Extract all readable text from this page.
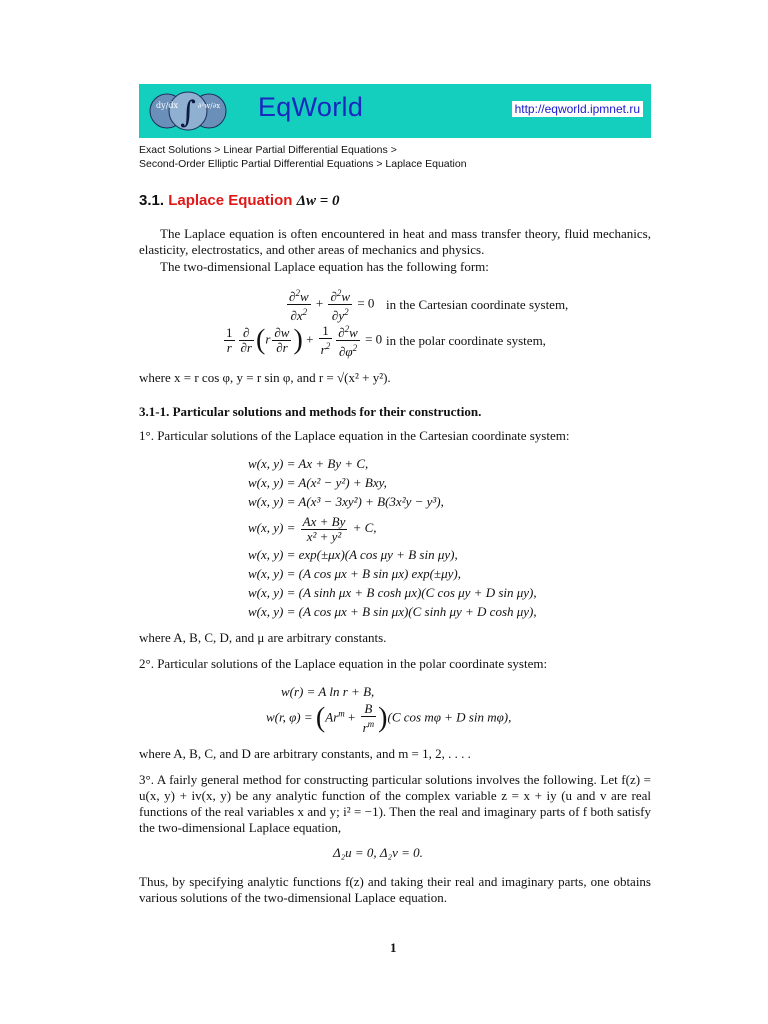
∫
dy/dx	∂²w/∂x EqWorld	http://eqworld.ipmnet.ru
Exact Solutions > Linear Partial Differential Equations >
Second-Order Elliptic Partial Differential Equations > Laplace Equation
3.1. Laplace Equation Δw = 0
The Laplace equation is often encountered in heat and mass transfer theory, fluid mechanics, elasticity, electrostatics, and other areas of mechanics and physics.
The two-dimensional Laplace equation has the following form:
$\frac{\partial^2w}{\partial x^2} + \frac{\partial^2w}{\partial y^2} = 0$ in the Cartesian coordinate system,
$\frac{1}{r} \frac{\partial}{\partial r} (r \frac{\partial w}{\partial r}$ ) + $\frac{1}{r^2} \frac{\partial^2w}{\partial\varphi^2} = 0$ in the polar coordinate system,
where x = r cos φ, y = r sin φ, and r = √(x² + y²).
3.1-1. Particular solutions and methods for their construction.
1°. Particular solutions of the Laplace equation in the Cartesian coordinate system:
w(x, y) = Ax + By + C,
w(x, y) = A(x² − y²) + Bxy,
w(x, y) = A(x³ − 3xy²) + B(3x²y − y³),
w(x, $y) = \frac{Ax + By}{\text{x² + y²}} + C$,
w(x, y) = exp(±μx)(A cos μy + B sin μy),
w(x, y) = (A cos μx + B sin μx) exp(±μy),
w(x, y) = (A sinh μx + B cosh μx)(C cos μy + D sin μy),
w(x, y) = (A cos μx + B sin μx)(C sinh μy + D cosh μy),
where A, B, C, D, and μ are arbitrary constants.
2°. Particular solutions of the Laplace equation in the polar coordinate system:
w(r) = A ln r + B,
w(r, $\varphi) = (Ar^m + \frac{B}{r^m} )(C$ cos mφ + D sin mφ),
where A, B, C, and D are arbitrary constants, and m = 1, 2, . . . .
3°. A fairly general method for constructing particular solutions involves the following. Let f(z) = u(x, y) + iv(x, y) be any analytic function of the complex variable z = x + iy (u and v are real functions of the real variables x and y; i² = −1). Then the real and imaginary parts of f both satisfy the two-dimensional Laplace equation,
Δ₂u = 0, Δ₂v = 0.
Thus, by specifying analytic functions f(z) and taking their real and imaginary parts, one obtains various solutions of the two-dimensional Laplace equation.
1
